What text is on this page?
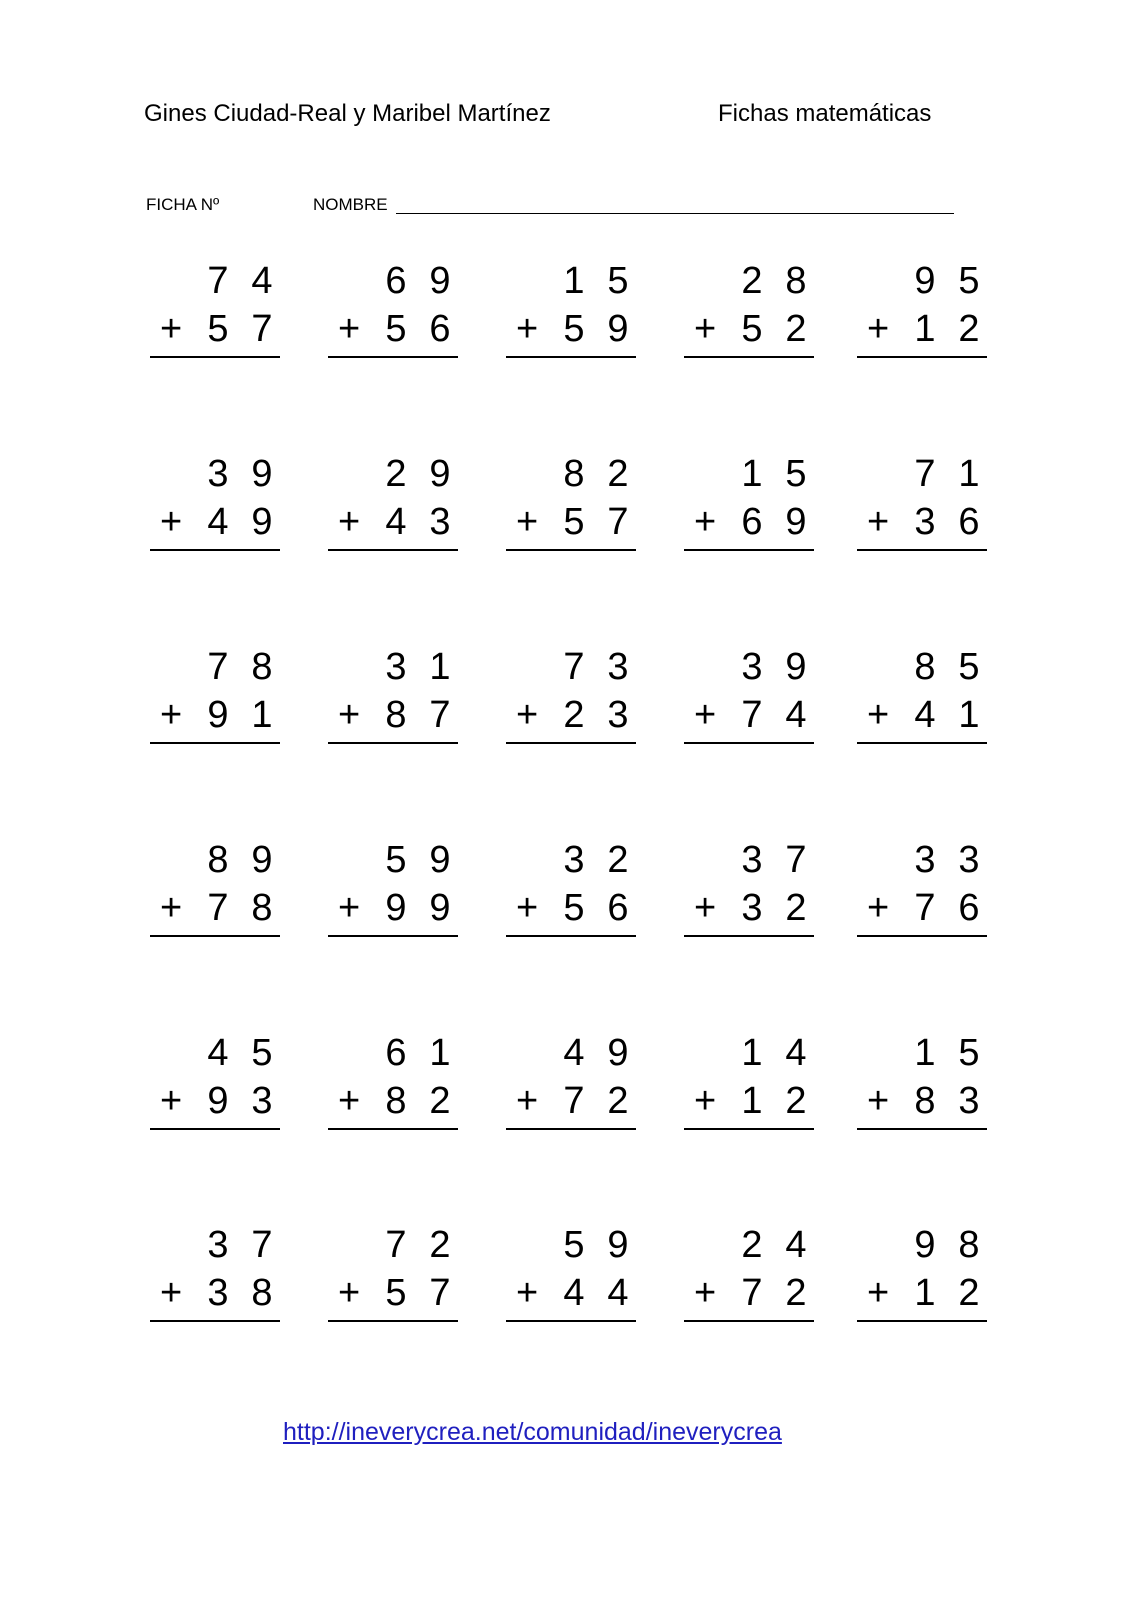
Gines Ciudad-Real y Maribel Martínez	Fichas matemáticas
FICHA Nº	NOMBRE
7 4
+ 5 7
6 9
+ 5 6
1 5
+ 5 9
2 8
+ 5 2
9 5
+ 1 2
3 9
+ 4 9
2 9
+ 4 3
8 2
+ 5 7
1 5
+ 6 9
7 1
+ 3 6
7 8
+ 9 1
3 1
+ 8 7
7 3
+ 2 3
3 9
+ 7 4
8 5
+ 4 1
8 9
+ 7 8
5 9
+ 9 9
3 2
+ 5 6
3 7
+ 3 2
3 3
+ 7 6
4 5
+ 9 3
6 1
+ 8 2
4 9
+ 7 2
1 4
+ 1 2
1 5
+ 8 3
3 7
+ 3 8
7 2
+ 5 7
5 9
+ 4 4
2 4
+ 7 2
9 8
+ 1 2
http://ineverycrea.net/comunidad/ineverycrea
